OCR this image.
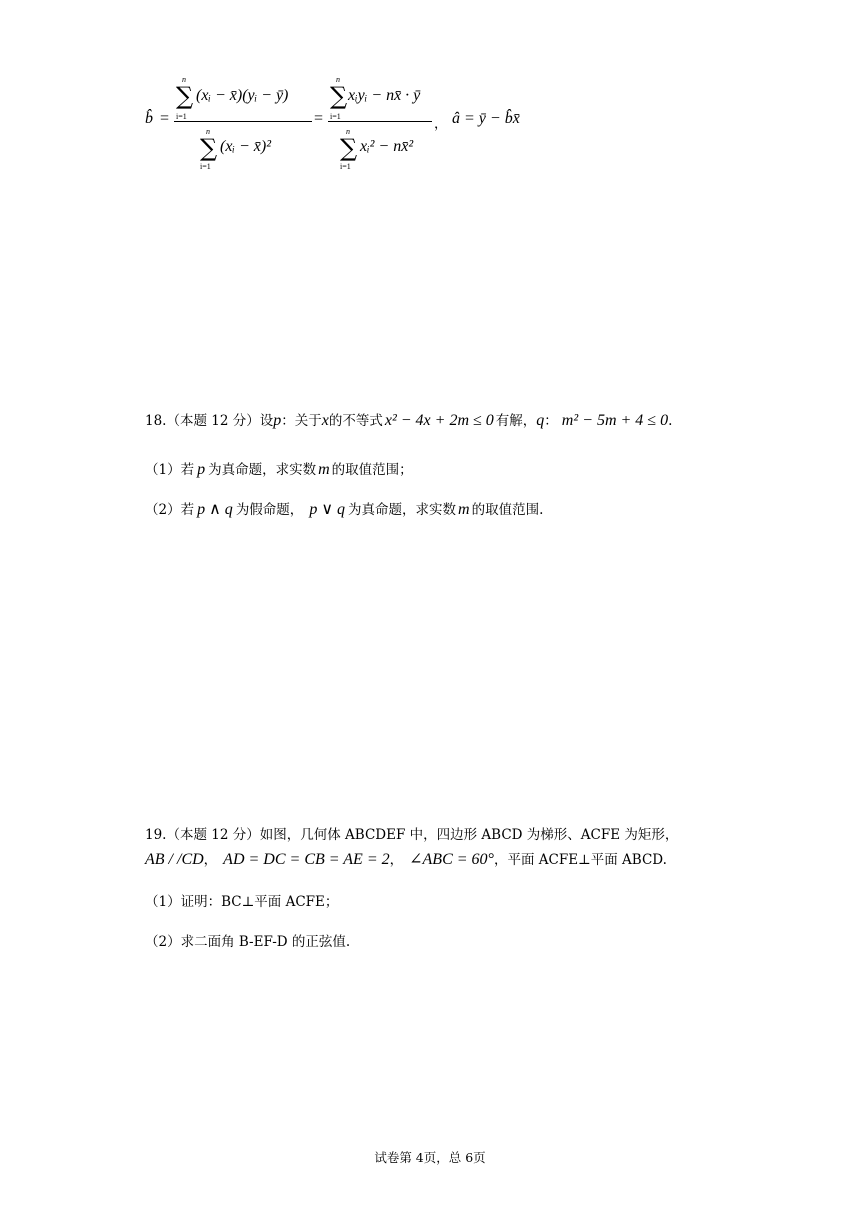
b̂ =
n
∑
i=1
(xᵢ − x̄)(yᵢ − ȳ)
n
∑
i=1
(xᵢ − x̄)²
=
n
∑
i=1
xᵢyᵢ − nx̄ · ȳ
n
∑
i=1
xᵢ² − nx̄²
， â = ȳ − b̂x̄
18.（本题 12 分）设p：关于x的不等式 x² − 4x + 2m ≤ 0 有解，q： m² − 5m + 4 ≤ 0.
（1）若 p 为真命题，求实数 m 的取值范围；
（2）若 p ∧ q 为假命题， p ∨ q 为真命题，求实数 m 的取值范围.
19.（本题 12 分）如图，几何体 ABCDEF 中，四边形 ABCD 为梯形、ACFE 为矩形，
AB / /CD， AD = DC = CB = AE = 2， ∠ABC = 60°，平面 ACFE⊥平面 ABCD.
（1）证明：BC⊥平面 ACFE；
（2）求二面角 B-EF-D 的正弦值.
试卷第 4页，总 6页
